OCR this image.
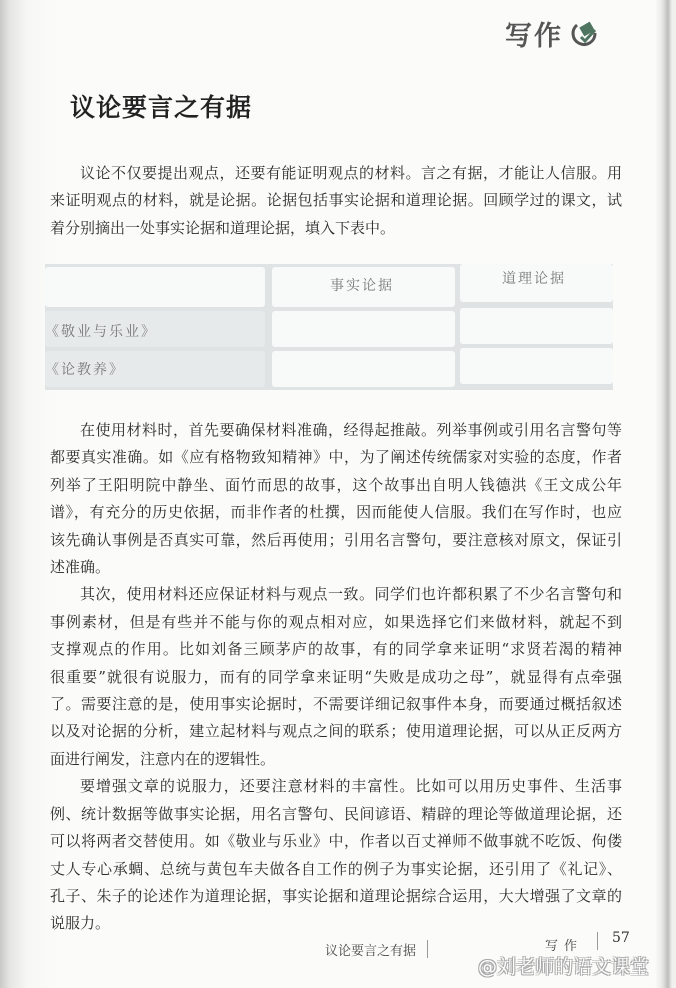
写作
议论要言之有据
议论不仅要提出观点，还要有能证明观点的材料。言之有据，才能让人信服。用
来证明观点的材料，就是论据。论据包括事实论据和道理论据。回顾学过的课文，试
着分别摘出一处事实论据和道理论据，填入下表中。
事实论据	道理论据
《敬业与乐业》
《论教养》
在使用材料时，首先要确保材料准确，经得起推敲。列举事例或引用名言警句等
都要真实准确。如《应有格物致知精神》中，为了阐述传统儒家对实验的态度，作者
列举了王阳明院中静坐、面竹而思的故事，这个故事出自明人钱德洪《王文成公年
谱》，有充分的历史依据，而非作者的杜撰，因而能使人信服。我们在写作时，也应
该先确认事例是否真实可靠，然后再使用；引用名言警句，要注意核对原文，保证引
述准确。
其次，使用材料还应保证材料与观点一致。同学们也许都积累了不少名言警句和
事例素材，但是有些并不能与你的观点相对应，如果选择它们来做材料，就起不到
支撑观点的作用。比如刘备三顾茅庐的故事，有的同学拿来证明“求贤若渴的精神
很重要”就很有说服力，而有的同学拿来证明“失败是成功之母”，就显得有点牵强
了。需要注意的是，使用事实论据时，不需要详细记叙事件本身，而要通过概括叙述
以及对论据的分析，建立起材料与观点之间的联系；使用道理论据，可以从正反两方
面进行阐发，注意内在的逻辑性。
要增强文章的说服力，还要注意材料的丰富性。比如可以用历史事件、生活事
例、统计数据等做事实论据，用名言警句、民间谚语、精辟的理论等做道理论据，还
可以将两者交替使用。如《敬业与乐业》中，作者以百丈禅师不做事就不吃饭、佝偻
丈人专心承蜩、总统与黄包车夫做各自工作的例子为事实论据，还引用了《礼记》、
孔子、朱子的论述作为道理论据，事实论据和道理论据综合运用，大大增强了文章的
说服力。
议论要言之有据	写作
57
@刘老师的语文课堂
